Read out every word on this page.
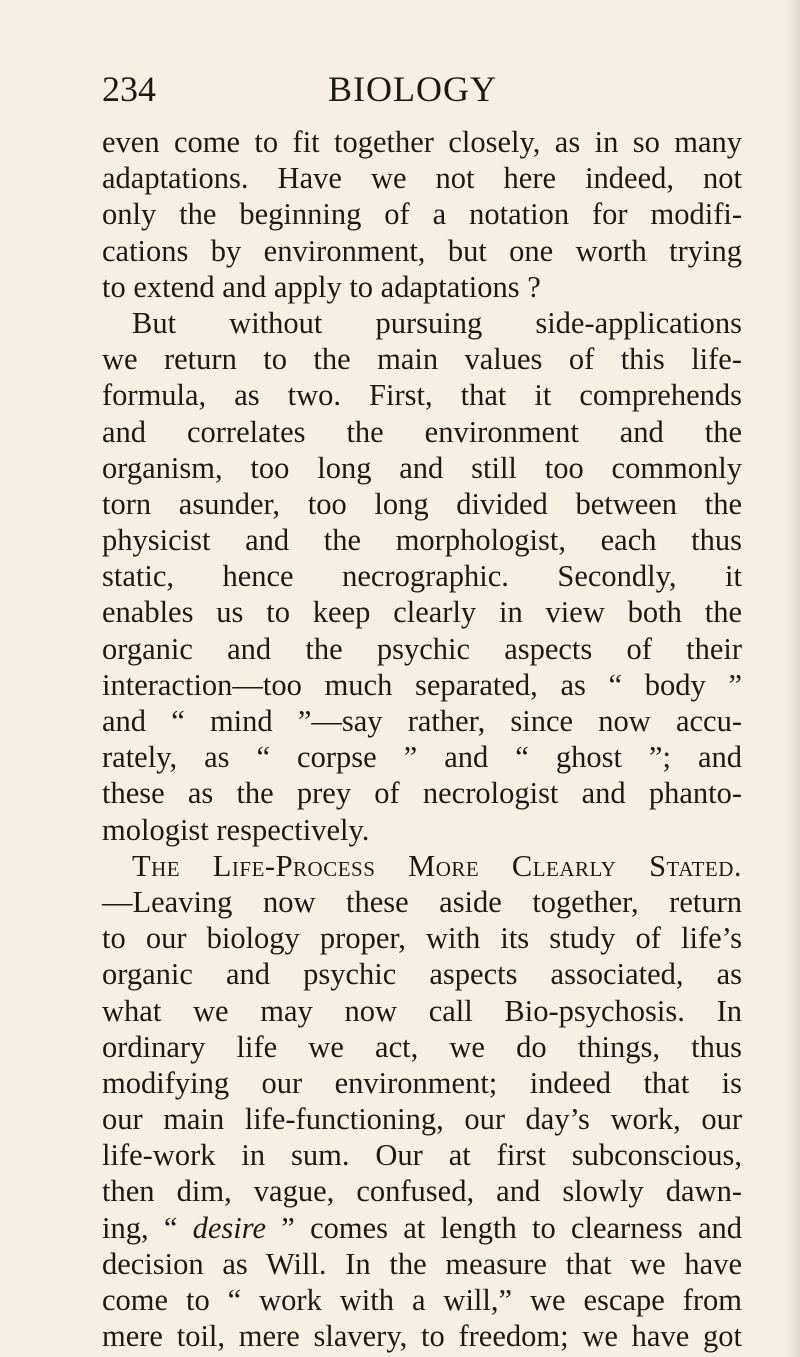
234	BIOLOGY
even come to fit together closely, as in so many
adaptations. Have we not here indeed, not
only the beginning of a notation for modifi-
cations by environment, but one worth trying
to extend and apply to adaptations ?
But without pursuing side-applications
we return to the main values of this life-
formula, as two. First, that it comprehends
and correlates the environment and the
organism, too long and still too commonly
torn asunder, too long divided between the
physicist and the morphologist, each thus
static, hence necrographic. Secondly, it
enables us to keep clearly in view both the
organic and the psychic aspects of their
interaction—too much separated, as “ body ”
and “ mind ”—say rather, since now accu-
rately, as “ corpse ” and “ ghost ”; and
these as the prey of necrologist and phanto-
mologist respectively.
The Life-Process More Clearly Stated.
—Leaving now these aside together, return
to our biology proper, with its study of life’s
organic and psychic aspects associated, as
what we may now call Bio-psychosis. In
ordinary life we act, we do things, thus
modifying our environment; indeed that is
our main life-functioning, our day’s work, our
life-work in sum. Our at first subconscious,
then dim, vague, confused, and slowly dawn-
ing, “ desire ” comes at length to clearness and
decision as Will. In the measure that we have
come to “ work with a will,” we escape from
mere toil, mere slavery, to freedom; we have got
